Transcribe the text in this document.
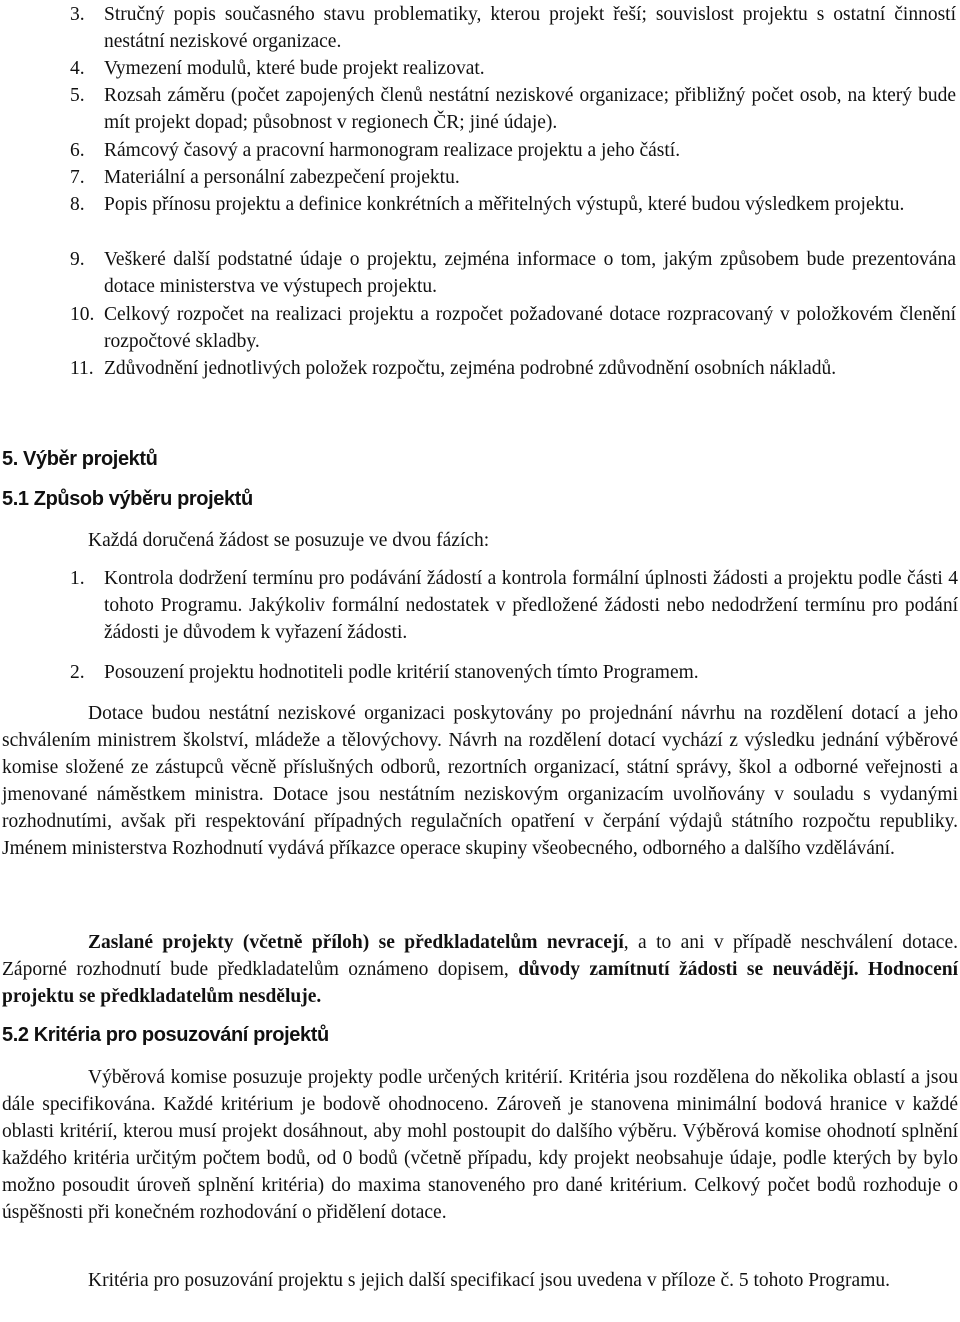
3. Stručný popis současného stavu problematiky, kterou projekt řeší; souvislost projektu s ostatní činností nestátní neziskové organizace.
4. Vymezení modulů, které bude projekt realizovat.
5. Rozsah záměru (počet zapojených členů nestátní neziskové organizace; přibližný počet osob, na který bude mít projekt dopad; působnost v regionech ČR; jiné údaje).
6. Rámcový časový a pracovní harmonogram realizace projektu a jeho částí.
7. Materiální a personální zabezpečení projektu.
8. Popis přínosu projektu a definice konkrétních a měřitelných výstupů, které budou výsledkem projektu.
9. Veškeré další podstatné údaje o projektu, zejména informace o tom, jakým způsobem bude prezentována dotace ministerstva ve výstupech projektu.
10. Celkový rozpočet na realizaci projektu a rozpočet požadované dotace rozpracovaný v položkovém členění rozpočtové skladby.
11. Zdůvodnění jednotlivých položek rozpočtu, zejména podrobné zdůvodnění osobních nákladů.
5. Výběr projektů
5.1 Způsob výběru projektů
Každá doručená žádost se posuzuje ve dvou fázích:
1. Kontrola dodržení termínu pro podávání žádostí a kontrola formální úplnosti žádosti a projektu podle části 4 tohoto Programu. Jakýkoliv formální nedostatek v předložené žádosti nebo nedodržení termínu pro podání žádosti je důvodem k vyřazení žádosti.
2. Posouzení projektu hodnotiteli podle kritérií stanovených tímto Programem.
Dotace budou nestátní neziskové organizaci poskytovány po projednání návrhu na rozdělení dotací a jeho schválením ministrem školství, mládeže a tělovýchovy. Návrh na rozdělení dotací vychází z výsledku jednání výběrové komise složené ze zástupců věcně příslušných odborů, rezortních organizací, státní správy, škol a odborné veřejnosti a jmenované náměstkem ministra. Dotace jsou nestátním neziskovým organizacím uvolňovány v souladu s vydanými rozhodnutími, avšak při respektování případných regulačních opatření v čerpání výdajů státního rozpočtu republiky. Jménem ministerstva Rozhodnutí vydává příkazce operace skupiny všeobecného, odborného a dalšího vzdělávání.
Zaslané projekty (včetně příloh) se předkladatelům nevracejí, a to ani v případě neschválení dotace. Záporné rozhodnutí bude předkladatelům oznámeno dopisem, důvody zamítnutí žádosti se neuvádějí. Hodnocení projektu se předkladatelům nesděluje.
5.2 Kritéria pro posuzování projektů
Výběrová komise posuzuje projekty podle určených kritérií. Kritéria jsou rozdělena do několika oblastí a jsou dále specifikována. Každé kritérium je bodově ohodnoceno. Zároveň je stanovena minimální bodová hranice v každé oblasti kritérií, kterou musí projekt dosáhnout, aby mohl postoupit do dalšího výběru. Výběrová komise ohodnotí splnění každého kritéria určitým počtem bodů, od 0 bodů (včetně případu, kdy projekt neobsahuje údaje, podle kterých by bylo možno posoudit úroveň splnění kritéria) do maxima stanoveného pro dané kritérium. Celkový počet bodů rozhoduje o úspěšnosti při konečném rozhodování o přidělení dotace.
Kritéria pro posuzování projektu s jejich další specifikací jsou uvedena v příloze č. 5 tohoto Programu.
